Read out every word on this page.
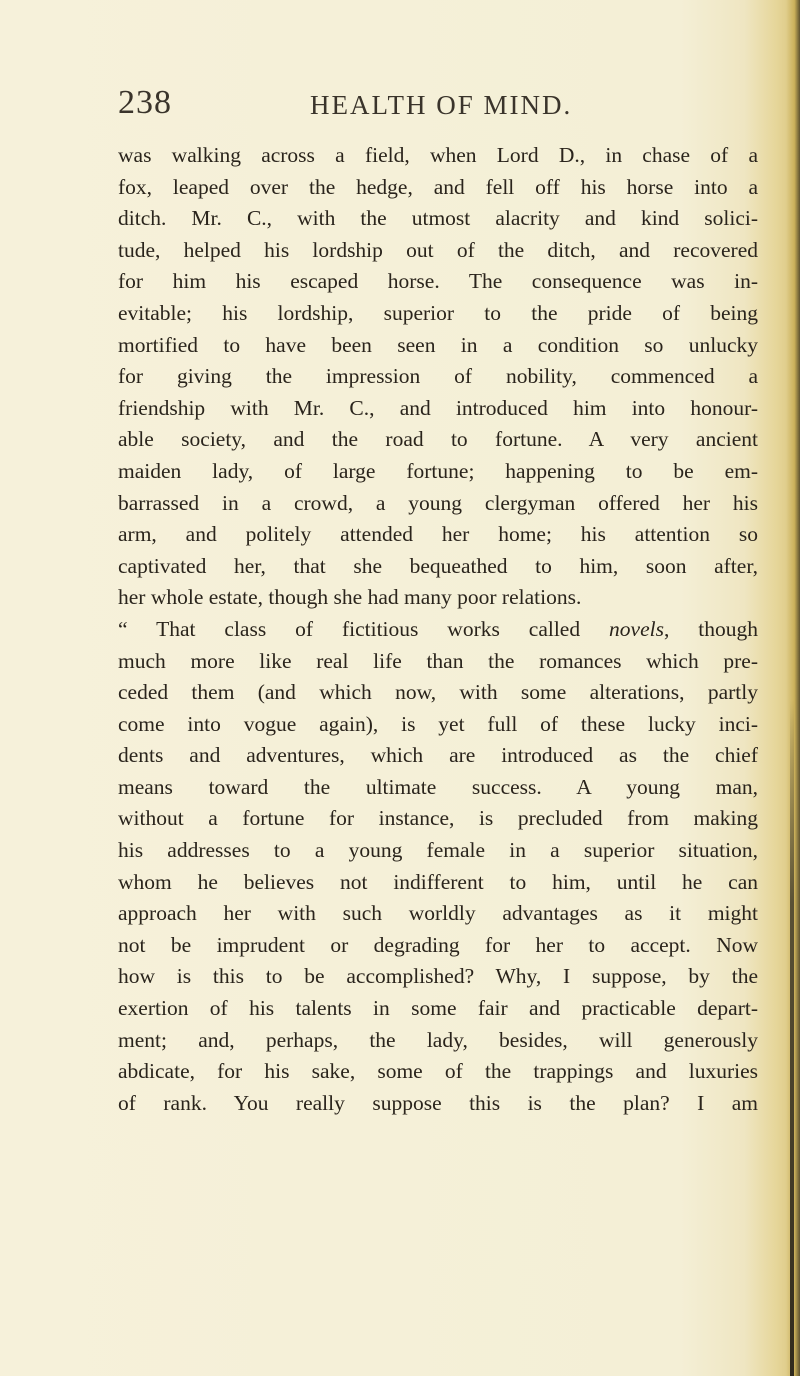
238	HEALTH OF MIND.
was walking across a field, when Lord D., in chase of a
fox, leaped over the hedge, and fell off his horse into a
ditch. Mr. C., with the utmost alacrity and kind solici-
tude, helped his lordship out of the ditch, and recovered
for him his escaped horse. The consequence was in-
evitable; his lordship, superior to the pride of being
mortified to have been seen in a condition so unlucky
for giving the impression of nobility, commenced a
friendship with Mr. C., and introduced him into honour-
able society, and the road to fortune. A very ancient
maiden lady, of large fortune; happening to be em-
barrassed in a crowd, a young clergyman offered her his
arm, and politely attended her home; his attention so
captivated her, that she bequeathed to him, soon after,
her whole estate, though she had many poor relations.
“ That class of fictitious works called novels, though
much more like real life than the romances which pre-
ceded them (and which now, with some alterations, partly
come into vogue again), is yet full of these lucky inci-
dents and adventures, which are introduced as the chief
means toward the ultimate success. A young man,
without a fortune for instance, is precluded from making
his addresses to a young female in a superior situation,
whom he believes not indifferent to him, until he can
approach her with such worldly advantages as it might
not be imprudent or degrading for her to accept. Now
how is this to be accomplished? Why, I suppose, by the
exertion of his talents in some fair and practicable depart-
ment; and, perhaps, the lady, besides, will generously
abdicate, for his sake, some of the trappings and luxuries
of rank. You really suppose this is the plan? I am
